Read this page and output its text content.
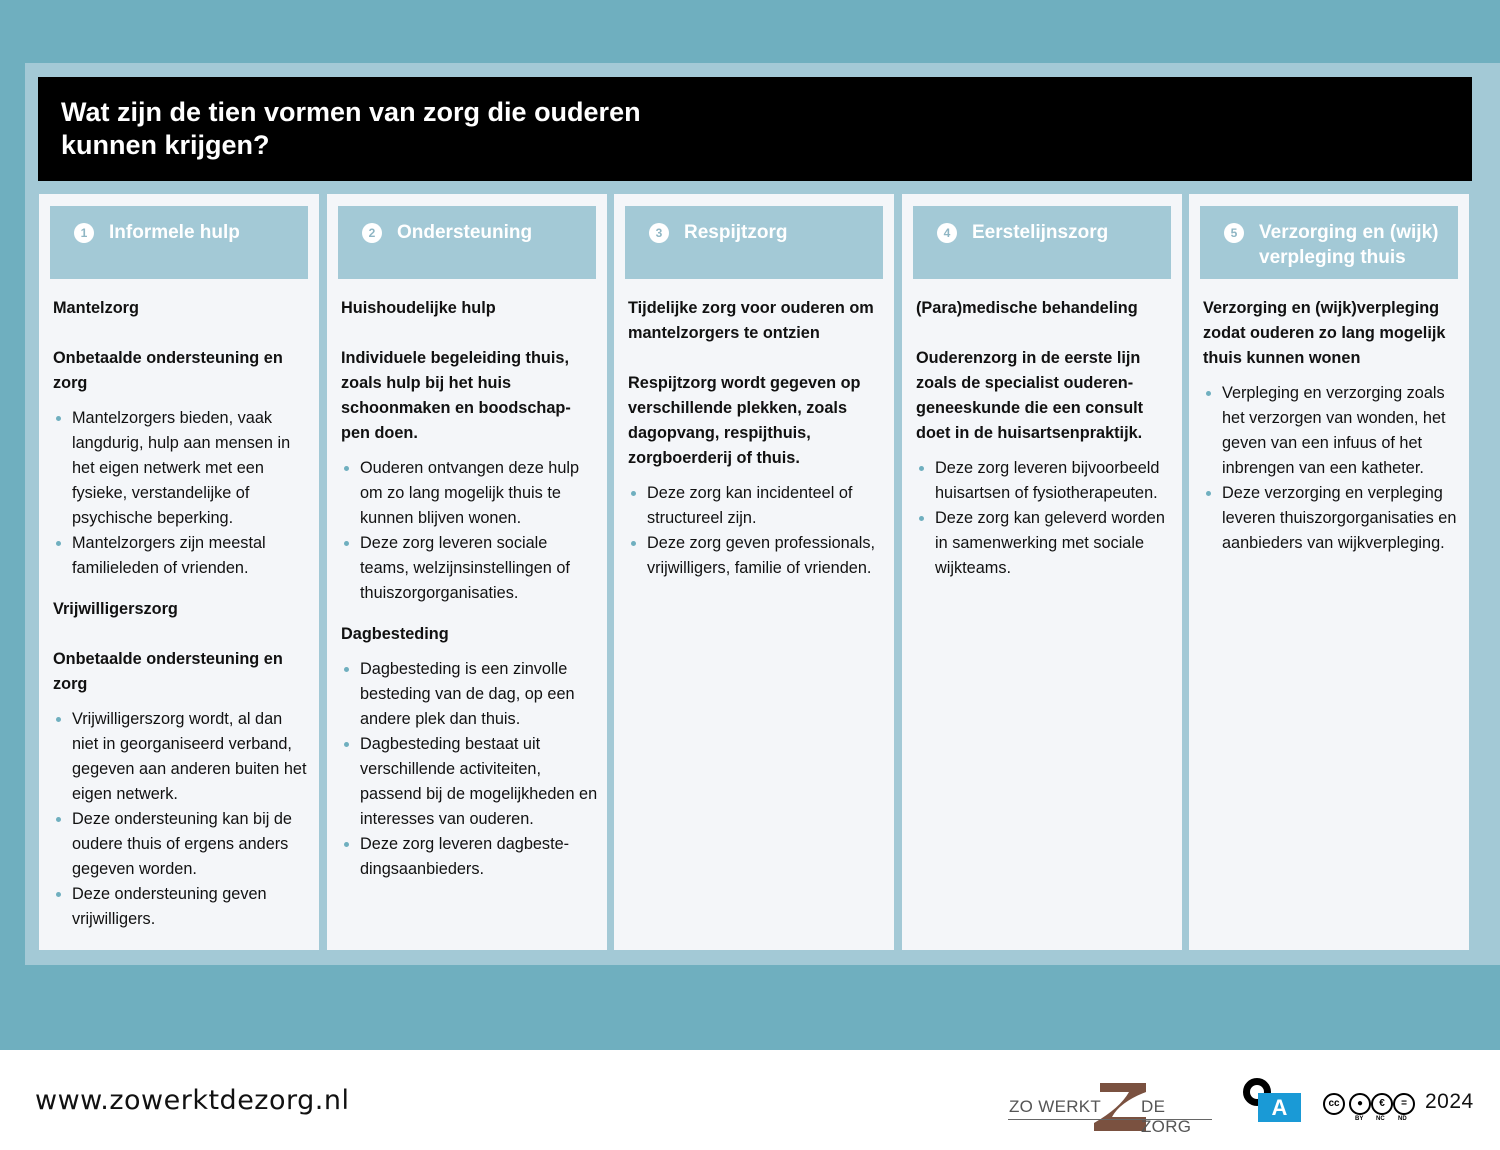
Wat zijn de tien vormen van zorg die ouderen kunnen krijgen?
1	Informele hulp

Mantelzorg

Onbetaalde ondersteuning en zorg

Mantelzorgers bieden, vaak langdurig, hulp aan mensen in het eigen netwerk met een fysieke, verstandelijke of psychische beperking.
Mantelzorgers zijn meestal familieleden of vrienden.

Vrijwilligerszorg

Onbetaalde ondersteuning en zorg

Vrijwilligerszorg wordt, al dan niet in georganiseerd verband, gegeven aan anderen buiten het eigen netwerk.
Deze ondersteuning kan bij de oudere thuis of ergens anders gegeven worden.
Deze ondersteuning geven vrijwilligers.
2	Ondersteuning

Huishoudelijke hulp

Individuele begeleiding thuis, zoals hulp bij het huis schoonmaken en boodschap-pen doen.

Ouderen ontvangen deze hulp om zo lang mogelijk thuis te kunnen blijven wonen.
Deze zorg leveren sociale teams, welzijnsinstellingen of thuiszorgorganisaties.

Dagbesteding

Dagbesteding is een zinvolle besteding van de dag, op een andere plek dan thuis.
Dagbesteding bestaat uit verschillende activiteiten, passend bij de mogelijkheden en interesses van ouderen.
Deze zorg leveren dagbeste-dingsaanbieders.
3	Respijtzorg

Tijdelijke zorg voor ouderen om mantelzorgers te ontzien

Respijtzorg wordt gegeven op verschillende plekken, zoals dagopvang, respijthuis, zorgboerderij of thuis.

Deze zorg kan incidenteel of structureel zijn.
Deze zorg geven professionals, vrijwilligers, familie of vrienden.
4	Eerstelijnszorg

(Para)medische behandeling

Ouderenzorg in de eerste lijn zoals de specialist ouderen-geneeskunde die een consult doet in de huisartsenpraktijk.

Deze zorg leveren bijvoorbeeld huisartsen of fysiotherapeuten.
Deze zorg kan geleverd worden in samenwerking met sociale wijkteams.
5	Verzorging en (wijk) verpleging thuis

Verzorging en (wijk)verpleging zodat ouderen zo lang mogelijk thuis kunnen wonen

Verpleging en verzorging zoals het verzorgen van wonden, het geven van een infuus of het inbrengen van een katheter.
Deze verzorging en verpleging leveren thuiszorgorganisaties en aanbieders van wijkverpleging.
www.zowerktdezorg.nl	ZO WERKT DE ZORG
A	cc	●	€	=
BY NC ND
2024
